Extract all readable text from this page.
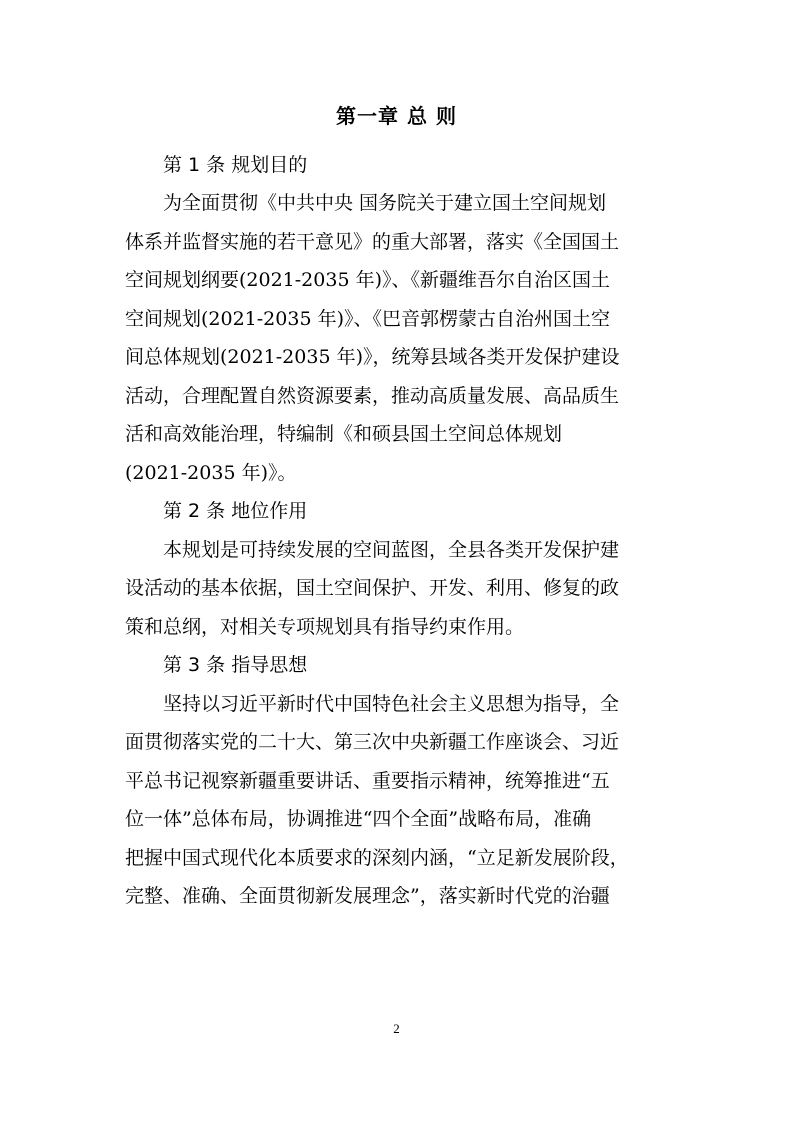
第一章 总 则
第 1 条 规划目的
为全面贯彻《中共中央 国务院关于建立国土空间规划
体系并监督实施的若干意见》的重大部署，落实《全国国土
空间规划纲要(2021-2035 年)》、《新疆维吾尔自治区国土
空间规划(2021-2035 年)》、《巴音郭楞蒙古自治州国土空
间总体规划(2021-2035 年)》，统筹县域各类开发保护建设
活动，合理配置自然资源要素，推动高质量发展、高品质生
活和高效能治理，特编制《和硕县国土空间总体规划
(2021-2035 年)》。
第 2 条 地位作用
本规划是可持续发展的空间蓝图，全县各类开发保护建
设活动的基本依据，国土空间保护、开发、利用、修复的政
策和总纲，对相关专项规划具有指导约束作用。
第 3 条 指导思想
坚持以习近平新时代中国特色社会主义思想为指导，全
面贯彻落实党的二十大、第三次中央新疆工作座谈会、习近
平总书记视察新疆重要讲话、重要指示精神，统筹推进“五
位一体”总体布局，协调推进“四个全面”战略布局，准确
把握中国式现代化本质要求的深刻内涵，“立足新发展阶段，
完整、准确、全面贯彻新发展理念”，落实新时代党的治疆
2
